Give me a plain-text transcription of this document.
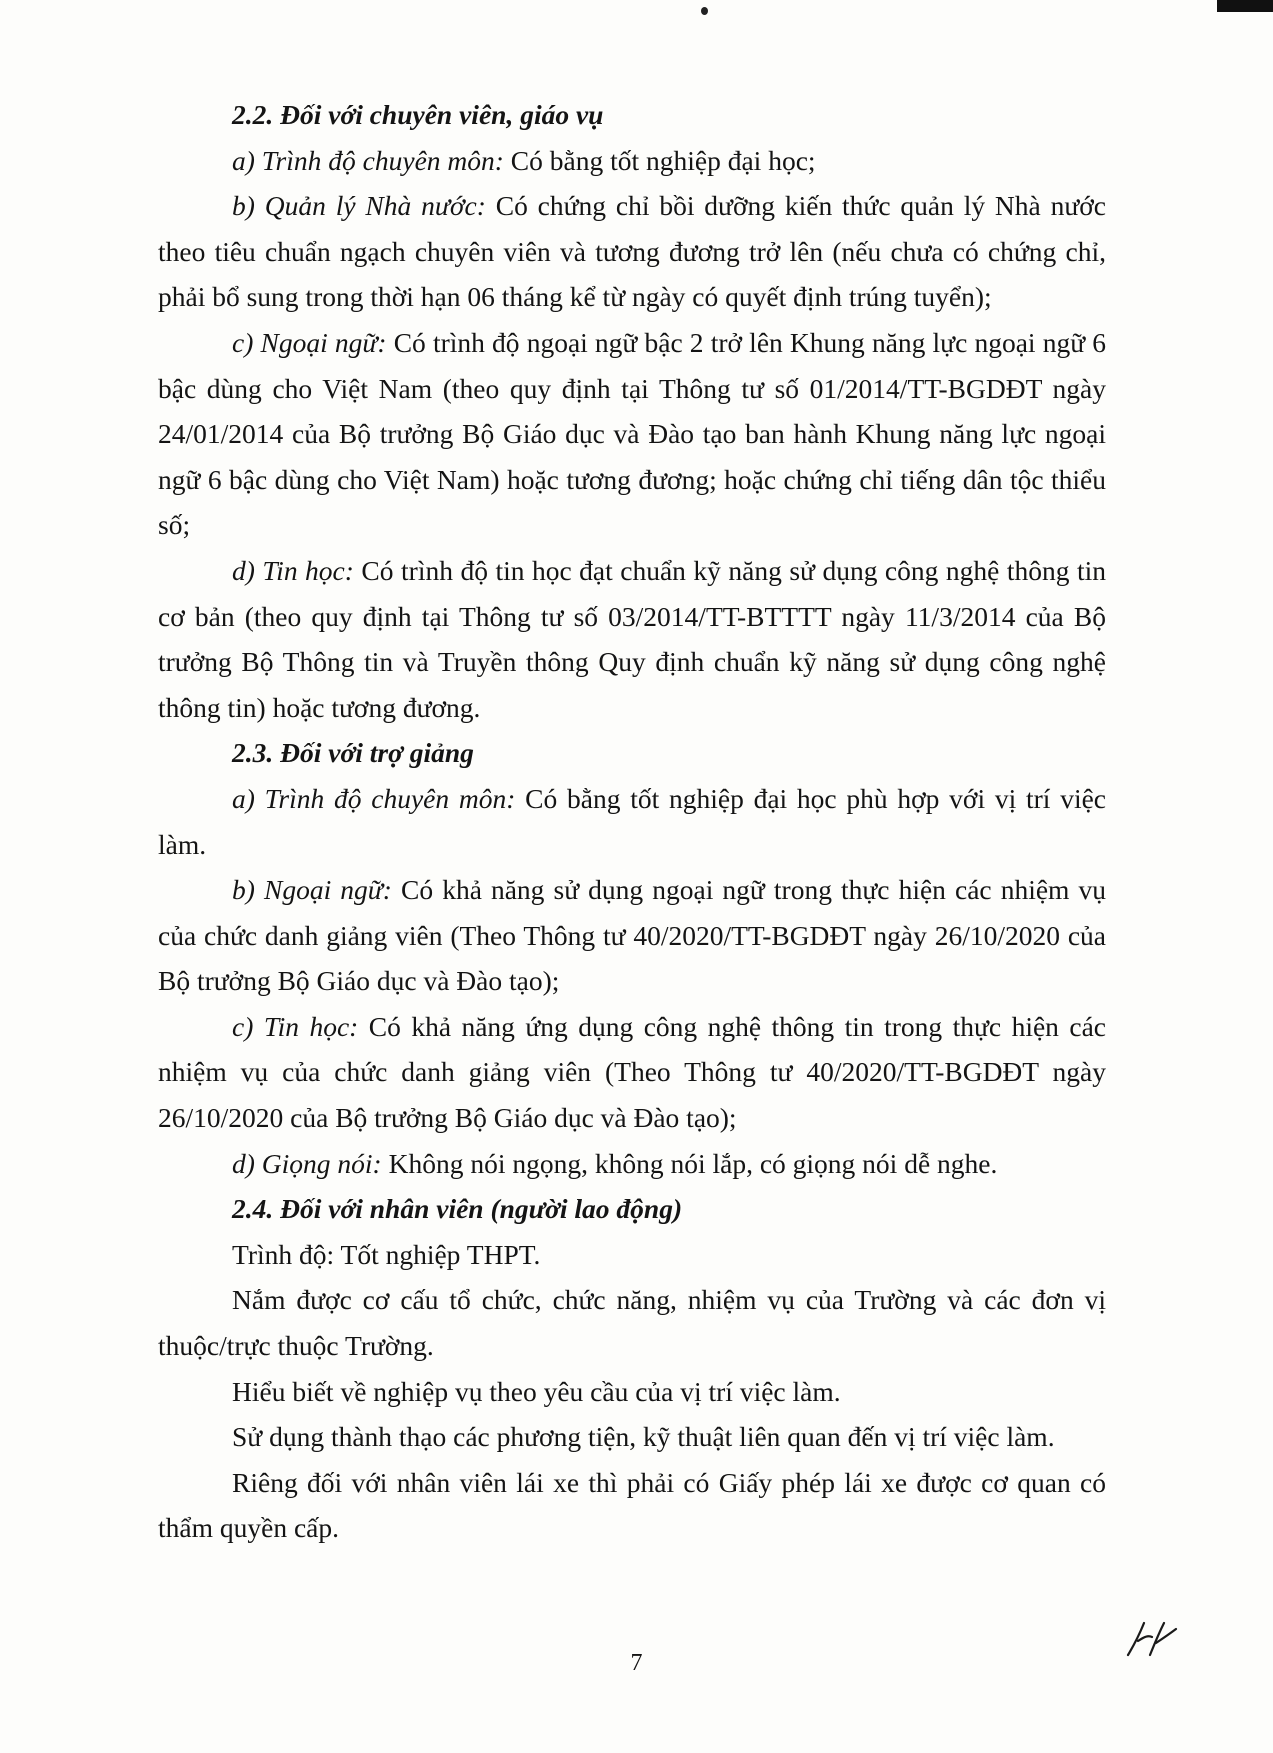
2.2. Đối với chuyên viên, giáo vụ

a) Trình độ chuyên môn: Có bằng tốt nghiệp đại học;

b) Quản lý Nhà nước: Có chứng chỉ bồi dưỡng kiến thức quản lý Nhà nước theo tiêu chuẩn ngạch chuyên viên và tương đương trở lên (nếu chưa có chứng chỉ, phải bổ sung trong thời hạn 06 tháng kể từ ngày có quyết định trúng tuyển);

c) Ngoại ngữ: Có trình độ ngoại ngữ bậc 2 trở lên Khung năng lực ngoại ngữ 6 bậc dùng cho Việt Nam (theo quy định tại Thông tư số 01/2014/TT-BGDĐT ngày 24/01/2014 của Bộ trưởng Bộ Giáo dục và Đào tạo ban hành Khung năng lực ngoại ngữ 6 bậc dùng cho Việt Nam) hoặc tương đương; hoặc chứng chỉ tiếng dân tộc thiểu số;

d) Tin học: Có trình độ tin học đạt chuẩn kỹ năng sử dụng công nghệ thông tin cơ bản (theo quy định tại Thông tư số 03/2014/TT-BTTTT ngày 11/3/2014 của Bộ trưởng Bộ Thông tin và Truyền thông Quy định chuẩn kỹ năng sử dụng công nghệ thông tin) hoặc tương đương.

2.3. Đối với trợ giảng

a) Trình độ chuyên môn: Có bằng tốt nghiệp đại học phù hợp với vị trí việc làm.

b) Ngoại ngữ: Có khả năng sử dụng ngoại ngữ trong thực hiện các nhiệm vụ của chức danh giảng viên (Theo Thông tư 40/2020/TT-BGDĐT ngày 26/10/2020 của Bộ trưởng Bộ Giáo dục và Đào tạo);

c) Tin học: Có khả năng ứng dụng công nghệ thông tin trong thực hiện các nhiệm vụ của chức danh giảng viên (Theo Thông tư 40/2020/TT-BGDĐT ngày 26/10/2020 của Bộ trưởng Bộ Giáo dục và Đào tạo);

d) Giọng nói: Không nói ngọng, không nói lắp, có giọng nói dễ nghe.

2.4. Đối với nhân viên (người lao động)

Trình độ: Tốt nghiệp THPT.

Nắm được cơ cấu tổ chức, chức năng, nhiệm vụ của Trường và các đơn vị thuộc/trực thuộc Trường.

Hiểu biết về nghiệp vụ theo yêu cầu của vị trí việc làm.

Sử dụng thành thạo các phương tiện, kỹ thuật liên quan đến vị trí việc làm.

Riêng đối với nhân viên lái xe thì phải có Giấy phép lái xe được cơ quan có thẩm quyền cấp.

7
